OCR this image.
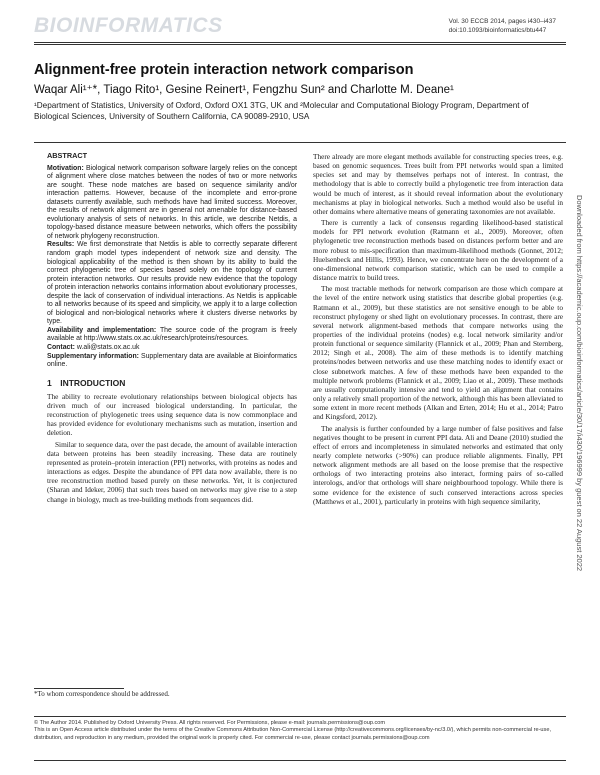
BIOINFORMATICS	Vol. 30 ECCB 2014, pages i430–i437
doi:10.1093/bioinformatics/btu447
Alignment-free protein interaction network comparison
Waqar Ali¹⁺*, Tiago Rito¹, Gesine Reinert¹, Fengzhu Sun² and Charlotte M. Deane¹
¹Department of Statistics, University of Oxford, Oxford OX1 3TG, UK and ²Molecular and Computational Biology Program, Department of Biological Sciences, University of Southern California, CA 90089-2910, USA
ABSTRACT

Motivation: Biological network comparison software largely relies on the concept of alignment where close matches between the nodes of two or more networks are sought. These node matches are based on sequence similarity and/or interaction patterns. However, because of the incomplete and error-prone datasets currently available, such methods have had limited success. Moreover, the results of network alignment are in general not amenable for distance-based evolutionary analysis of sets of networks. In this article, we describe Netdis, a topology-based distance measure between networks, which offers the possibility of network phylogeny reconstruction.

Results: We first demonstrate that Netdis is able to correctly separate different random graph model types independent of network size and density. The biological applicability of the method is then shown by its ability to build the correct phylogenetic tree of species based solely on the topology of current protein interaction networks. Our results provide new evidence that the topology of protein interaction networks contains information about evolutionary processes, despite the lack of conservation of individual interactions. As Netdis is applicable to all networks because of its speed and simplicity, we apply it to a large collection of biological and non-biological networks where it clusters diverse networks by type.

Availability and implementation: The source code of the program is freely available at http://www.stats.ox.ac.uk/research/proteins/resources.

Contact: w.ali@stats.ox.ac.uk

Supplementary information: Supplementary data are available at Bioinformatics online.

1 INTRODUCTION

The ability to recreate evolutionary relationships between biological objects has driven much of our increased biological understanding. In particular, the reconstruction of phylogenetic trees using sequence data is now commonplace and has provided evidence for evolutionary mechanisms such as mutation, insertion and deletion.

Similar to sequence data, over the past decade, the amount of available interaction data between proteins has been steadily increasing. These data are routinely represented as protein–protein interaction (PPI) networks, with proteins as nodes and interactions as edges. Despite the abundance of PPI data now available, there is no tree reconstruction method based purely on these networks. Yet, it is conjectured (Sharan and Ideker, 2006) that such trees based on networks may give rise to a step change in biology, much as tree-building methods from sequences did.

There already are more elegant methods available for constructing species trees, e.g. based on genomic sequences. Trees built from PPI networks would span a limited species set and may by themselves perhaps not of interest. In contrast, the methodology that is able to correctly build a phylogenetic tree from interaction data would be much of interest, as it should reveal information about the evolutionary mechanisms at play in biological networks. Such a method would also be useful in other domains where alternative means of generating taxonomies are not available.

There is currently a lack of consensus regarding likelihood-based statistical models for PPI network evolution (Ratmann et al., 2009). Moreover, often phylogenetic tree reconstruction methods based on distances perform better and are more robust to mis-specification than maximum-likelihood methods (Gonnet, 2012; Huelsenbeck and Hillis, 1993). Hence, we concentrate here on the development of a one-dimensional network comparison statistic, which can be used to compile a distance matrix to build trees.

The most tractable methods for network comparison are those which compare at the level of the entire network using statistics that describe global properties (e.g. Ratmann et al., 2009), but these statistics are not sensitive enough to be able to reconstruct phylogeny or shed light on evolutionary processes. In contrast, there are several network alignment-based methods that compare networks using the properties of the individual proteins (nodes) e.g. local network similarity and/or protein functional or sequence similarity (Flannick et al., 2009; Phan and Sternberg, 2012; Singh et al., 2008). The aim of these methods is to identify matching proteins/nodes between networks and use these matching nodes to identify exact or close subnetwork matches. A few of these methods have been expanded to the multiple network problems (Flannick et al., 2009; Liao et al., 2009). These methods are usually computationally intensive and tend to yield an alignment that contains only a relatively small proportion of the network, although this has been alleviated to some extent in more recent methods (Alkan and Erten, 2014; Hu et al., 2014; Patro and Kingsford, 2012).

The analysis is further confounded by a large number of false positives and false negatives thought to be present in current PPI data. Ali and Deane (2010) studied the effect of errors and incompleteness in simulated networks and estimated that only nearly complete networks (>90%) can produce reliable alignments. Finally, PPI network alignment methods are all based on the loose premise that the respective orthologs of two interacting proteins also interact, forming pairs of so-called interologs, and/or that orthologs will share neighbourhood topology. While there is some evidence for the existence of such conserved interactions across species (Matthews et al., 2001), particularly in proteins with high sequence similarity,

*To whom correspondence should be addressed.

© The Author 2014. Published by Oxford University Press. All rights reserved. For Permissions, please e-mail: journals.permissions@oup.com

This is an Open Access article distributed under the terms of the Creative Commons Attribution Non-Commercial License (http://creativecommons.org/licenses/by-nc/3.0/), which permits non-commercial re-use, distribution, and reproduction in any medium, provided the original work is properly cited. For commercial re-use, please contact journals.permissions@oup.com

Downloaded from https://academic.oup.com/bioinformatics/article/30/17/i430/196999 by guest on 22 August 2022
